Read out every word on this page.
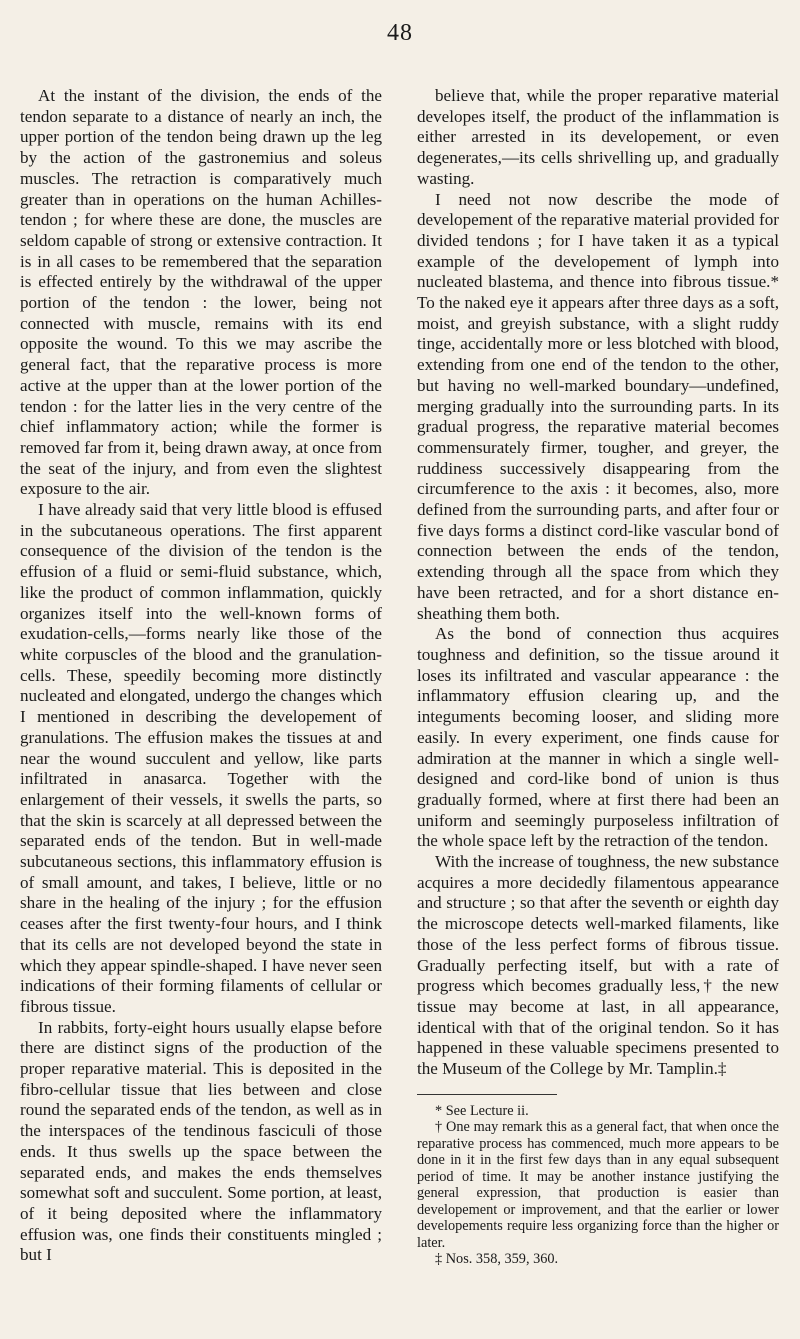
48

At the instant of the division, the ends of the tendon separate to a distance of nearly an inch, the upper portion of the tendon being drawn up the leg by the action of the gastronemius and soleus muscles. The retraction is comparatively much greater than in operations on the human Achilles-tendon ; for where these are done, the muscles are seldom capable of strong or extensive contraction. It is in all cases to be remembered that the separation is effected entirely by the withdrawal of the upper portion of the tendon : the lower, being not connected with muscle, remains with its end opposite the wound. To this we may ascribe the general fact, that the reparative process is more active at the upper than at the lower portion of the tendon : for the latter lies in the very centre of the chief inflammatory action; while the former is removed far from it, being drawn away, at once from the seat of the injury, and from even the slightest exposure to the air.

I have already said that very little blood is effused in the subcutaneous operations. The first apparent consequence of the division of the tendon is the effusion of a fluid or semi-fluid substance, which, like the product of common inflammation, quickly organizes itself into the well-known forms of exudation-cells,—forms nearly like those of the white corpuscles of the blood and the granulation-cells. These, speedily becoming more distinctly nucleated and elongated, undergo the changes which I mentioned in describing the developement of granulations. The effusion makes the tissues at and near the wound succulent and yellow, like parts infiltrated in anasarca. Together with the enlargement of their vessels, it swells the parts, so that the skin is scarcely at all depressed between the separated ends of the tendon. But in well-made subcutaneous sections, this inflammatory effusion is of small amount, and takes, I believe, little or no share in the healing of the injury ; for the effusion ceases after the first twenty-four hours, and I think that its cells are not developed beyond the state in which they appear spindle-shaped. I have never seen indications of their forming filaments of cellular or fibrous tissue.

In rabbits, forty-eight hours usually elapse before there are distinct signs of the production of the proper reparative material. This is deposited in the fibro-cellular tissue that lies between and close round the separated ends of the tendon, as well as in the interspaces of the tendinous fasciculi of those ends. It thus swells up the space between the separated ends, and makes the ends themselves somewhat soft and succulent. Some portion, at least, of it being deposited where the inflammatory effusion was, one finds their constituents mingled ; but I

believe that, while the proper reparative material developes itself, the product of the inflammation is either arrested in its developement, or even degenerates,—its cells shrivelling up, and gradually wasting.

I need not now describe the mode of developement of the reparative material provided for divided tendons ; for I have taken it as a typical example of the developement of lymph into nucleated blastema, and thence into fibrous tissue.* To the naked eye it appears after three days as a soft, moist, and greyish substance, with a slight ruddy tinge, accidentally more or less blotched with blood, extending from one end of the tendon to the other, but having no well-marked boundary—undefined, merging gradually into the surrounding parts. In its gradual progress, the reparative material becomes commensurately firmer, tougher, and greyer, the ruddiness successively disappearing from the circumference to the axis : it becomes, also, more defined from the surrounding parts, and after four or five days forms a distinct cord-like vascular bond of connection between the ends of the tendon, extending through all the space from which they have been retracted, and for a short distance en-sheathing them both.

As the bond of connection thus acquires toughness and definition, so the tissue around it loses its infiltrated and vascular appearance : the inflammatory effusion clearing up, and the integuments becoming looser, and sliding more easily. In every experiment, one finds cause for admiration at the manner in which a single well-designed and cord-like bond of union is thus gradually formed, where at first there had been an uniform and seemingly purposeless infiltration of the whole space left by the retraction of the tendon.

With the increase of toughness, the new substance acquires a more decidedly filamentous appearance and structure ; so that after the seventh or eighth day the microscope detects well-marked filaments, like those of the less perfect forms of fibrous tissue. Gradually perfecting itself, but with a rate of progress which becomes gradually less,† the new tissue may become at last, in all appearance, identical with that of the original tendon. So it has happened in these valuable specimens presented to the Museum of the College by Mr. Tamplin.‡

* See Lecture ii.

† One may remark this as a general fact, that when once the reparative process has commenced, much more appears to be done in it in the first few days than in any equal subsequent period of time. It may be another instance justifying the general expression, that production is easier than developement or improvement, and that the earlier or lower developements require less organizing force than the higher or later.

‡ Nos. 358, 359, 360.
